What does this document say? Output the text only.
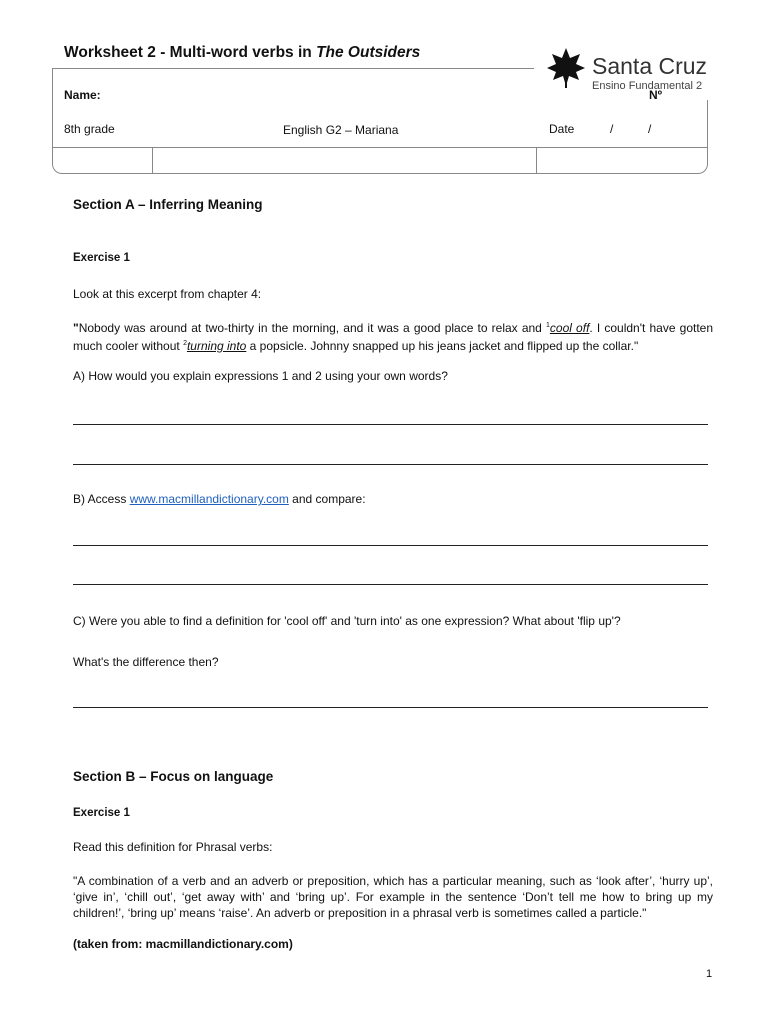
Worksheet 2 - Multi-word verbs in The Outsiders
Santa Cruz
Ensino Fundamental 2
Name:	Nº
8th grade	English G2 – Mariana	Date	/	/
Section A – Inferring Meaning
Exercise 1
Look at this excerpt from chapter 4:
"Nobody was around at two-thirty in the morning, and it was a good place to relax and $^1$cool off. I couldn't have gotten much cooler without $^2$turning into a popsicle. Johnny snapped up his jeans jacket and flipped up the collar."
A) How would you explain expressions 1 and 2 using your own words?
B) Access www.macmillandictionary.com and compare:
C) Were you able to find a definition for 'cool off' and 'turn into' as one expression? What about 'flip up'?
What's the difference then?
Section B – Focus on language
Exercise 1
Read this definition for Phrasal verbs:
"A combination of a verb and an adverb or preposition, which has a particular meaning, such as ‘look after’, ‘hurry up’, ‘give in’, ‘chill out’, ‘get away with’ and ‘bring up’. For example in the sentence ‘Don’t tell me how to bring up my children!’, ‘bring up’ means ‘raise’. An adverb or preposition in a phrasal verb is sometimes called a particle."
(taken from: macmillandictionary.com)
1
